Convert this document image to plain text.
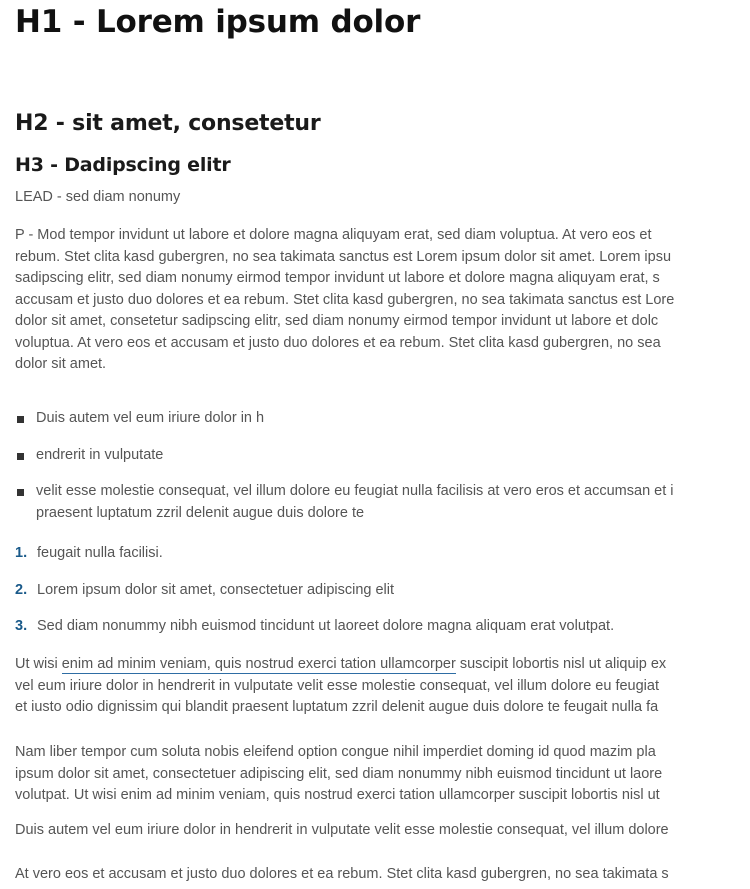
H1 - Lorem ipsum dolor
H2 - sit amet, consetetur
H3 - Dadipscing elitr
LEAD - sed diam nonumy

P - Mod tempor invidunt ut labore et dolore magna aliquyam erat, sed diam voluptua. At vero eos et
rebum. Stet clita kasd gubergren, no sea takimata sanctus est Lorem ipsum dolor sit amet. Lorem ipsu
sadipscing elitr, sed diam nonumy eirmod tempor invidunt ut labore et dolore magna aliquyam erat, s
accusam et justo duo dolores et ea rebum. Stet clita kasd gubergren, no sea takimata sanctus est Lore
dolor sit amet, consetetur sadipscing elitr, sed diam nonumy eirmod tempor invidunt ut labore et dolc
voluptua. At vero eos et accusam et justo duo dolores et ea rebum. Stet clita kasd gubergren, no sea
dolor sit amet.

Duis autem vel eum iriure dolor in h
endrerit in vulputate
velit esse molestie consequat, vel illum dolore eu feugiat nulla facilisis at vero eros et accumsan et i
praesent luptatum zzril delenit augue duis dolore te
1. feugait nulla facilisi.
2. Lorem ipsum dolor sit amet, consectetuer adipiscing elit
3. Sed diam nonummy nibh euismod tincidunt ut laoreet dolore magna aliquam erat volutpat.

Ut wisi enim ad minim veniam, quis nostrud exerci tation ullamcorper suscipit lobortis nisl ut aliquip ex
vel eum iriure dolor in hendrerit in vulputate velit esse molestie consequat, vel illum dolore eu feugiat
et iusto odio dignissim qui blandit praesent luptatum zzril delenit augue duis dolore te feugait nulla fa

Nam liber tempor cum soluta nobis eleifend option congue nihil imperdiet doming id quod mazim pla
ipsum dolor sit amet, consectetuer adipiscing elit, sed diam nonummy nibh euismod tincidunt ut laore
volutpat. Ut wisi enim ad minim veniam, quis nostrud exerci tation ullamcorper suscipit lobortis nisl ut

Duis autem vel eum iriure dolor in hendrerit in vulputate velit esse molestie consequat, vel illum dolore

At vero eos et accusam et justo duo dolores et ea rebum. Stet clita kasd gubergren, no sea takimata s
